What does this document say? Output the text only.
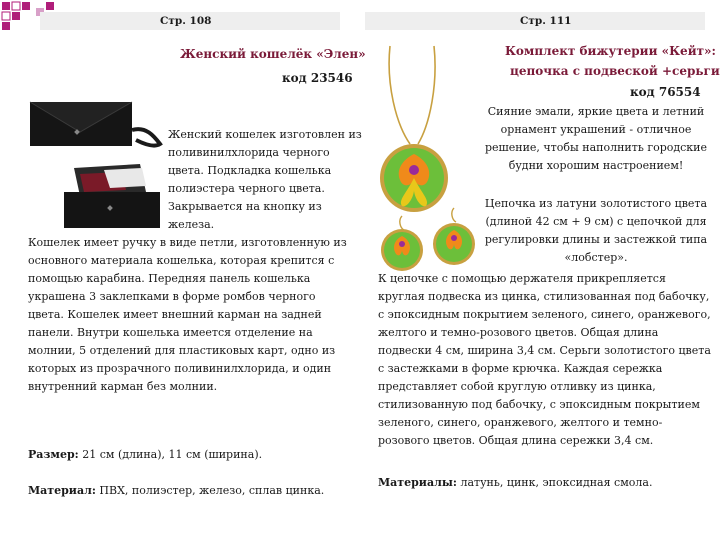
Стр. 108	Стр. 111
Женский кошелёк «Элен»
код 23546
Женский кошелек изготовлен из поливинилхлорида черного цвета. Подкладка кошелька полиэстера черного цвета. Закрывается на кнопку из железа.
Кошелек имеет ручку в виде петли, изготовленную из основного материала кошелька, которая крепится с помощью карабина. Передняя панель кошелька украшена 3 заклепками в форме ромбов черного цвета. Кошелек имеет внешний карман на задней панели. Внутри кошелька имеется отделение на молнии, 5 отделений для пластиковых карт, одно из которых из прозрачного поливинилхлорида, и один внутренний карман без молнии.
Размер: 21 см (длина), 11 см (ширина).
Материал: ПВХ, полиэстер, железо, сплав цинка.
Комплект бижутерии «Кейт»:
цепочка с подвеской +серьги
код 76554
Сияние эмали, яркие цвета и летний орнамент украшений - отличное решение, чтобы наполнить городские будни хорошим настроением!
Цепочка из латуни золотистого цвета (длиной 42 см + 9 см) с цепочкой для регулировки длины и застежкой типа «лобстер».
К цепочке с помощью держателя прикрепляется круглая подвеска из цинка, стилизованная под бабочку, с эпоксидным покрытием зеленого, синего, оранжевого, желтого и темно-розового цветов. Общая длина подвески 4 см, ширина 3,4 см. Серьги золотистого цвета с застежками в форме крючка. Каждая сережка представляет собой круглую отливку из цинка, стилизованную под бабочку, с эпоксидным покрытием зеленого, синего, оранжевого, желтого и темно-розового цветов. Общая длина сережки 3,4 см.
Материалы: латунь, цинк, эпоксидная смола.
